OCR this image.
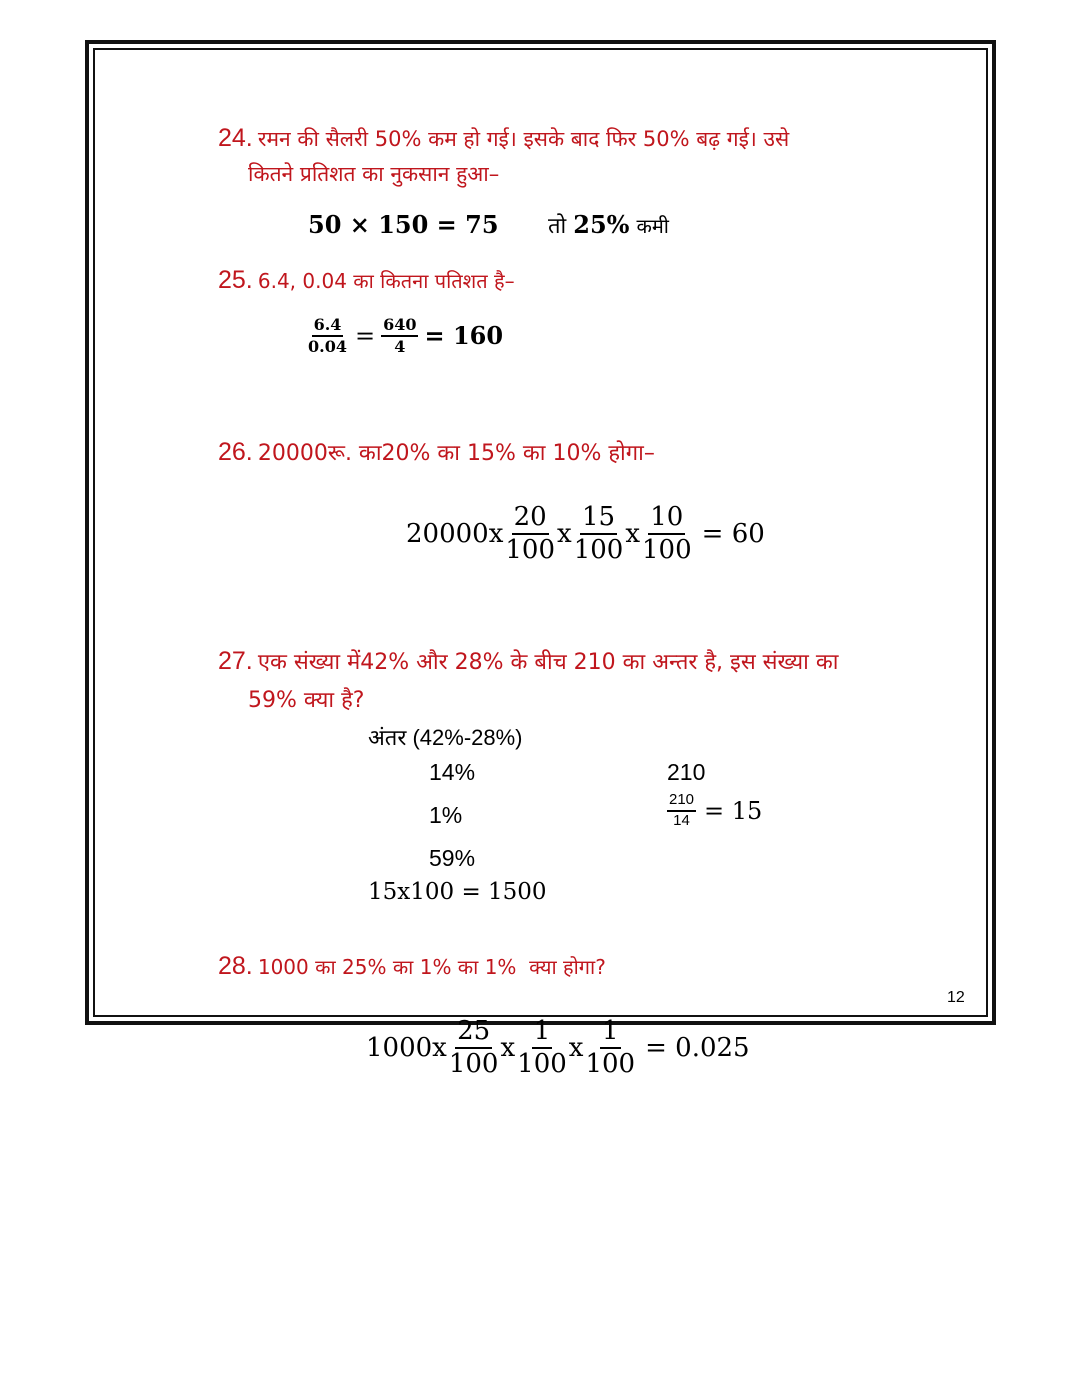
24. रमन की सैलरी 50% कम हो गई। इसके बाद फिर 50% बढ़ गई। उसे
कितने प्रतिशत का नुकसान हुआ–
50 × 150 = 75 तो 25% कमी
25. 6.4, 0.04 का कितना पतिशत है–
$\frac{6.4}{0.04} = \frac{640}{4} = 160$
26. 20000रू. का20% का 15% का 10% होगा–
$20000x \frac{20}{100}$ x $\frac{15}{100}$ x $\frac{10}{100} = 60$
27. एक संख्या में42% और 28% के बीच 210 का अन्तर है, इस संख्या का
59% क्या है?
अंतर (42%-28%)
14%	210
1%	$\frac{210}{14} = 15$
59%
15x100 = 1500
28. 1000 का 25% का 1% का 1%  क्या होगा?
$1000x \frac{25}{100}$ x $\frac{1}{100}$ x $\frac{1}{100} = 0.025$
12
